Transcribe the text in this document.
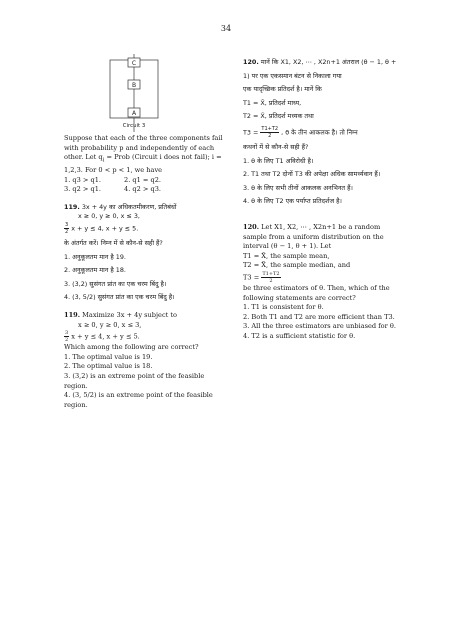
34
C
B
A
Circuit 3

Suppose that each of the three components fail with probability p and independently of each other. Let $q_i$ = Prob (Circuit i does not fail); i = 1,2,3. For 0 < p < 1, we have

1. q3 > q1.	2. q1 = q2.
3. q2 > q1.	4. q2 > q3.

119. 3x + 4y का अधिकतमीकरण, प्रतिबंधों

x ≥ 0, y ≥ 0, x ≤ 3,

$\frac{3}{2}$ x + y ≤ 4, x + y ≤ 5.

के अंतर्गत करें। निम्न में से कौन-से सही हैं?

1. अनुकूलतम मान है 19.

2. अनुकूलतम मान है 18.

3. (3,2) सुसंगत प्रांत का एक चरम बिंदु है।

4. (3, 5/2) सुसंगत प्रांत का एक चरम बिंदु है।

119. Maximize 3x + 4y subject to

x ≥ 0, y ≥ 0, x ≤ 3,

$\frac{3}{2}$ x + y ≤ 4, x + y ≤ 5.

Which among the following are correct?

1. The optimal value is 19.

2. The optimal value is 18.

3. (3,2) is an extreme point of the feasible region.

4. (3, 5/2) is an extreme point of the feasible region.

120. मानें कि X1, X2, ⋯ , X2n+1 अंतराल (θ − 1, θ +

1) पर एक एकसमान बंटन से निकाला गया

एक यादृच्छिक प्रतिदर्श है। मानें कि

T1 = X̄, प्रतिदर्श माध्य,

T2 = X̃, प्रतिदर्श मध्यक तथा

$T3 = \frac{T1+T2}{2}$ , θ के तीन आकलक है। तो निम्न

कथनों में से कौन-से सही हैं?

1. θ के लिए T1 अविरोधी है।

2. T1 तथा T2 दोनों T3 की अपेक्षा अधिक सामर्थ्यवान हैं।

3. θ के लिए सभी तीनों आकलक अनभिनत हैं।

4. θ के लिए T2 एक पर्याप्त प्रतिदर्शज है।

120. Let X1, X2, ⋯ , X2n+1 be a random sample from a uniform distribution on the interval (θ − 1, θ + 1). Let

T1 = X̄, the sample mean,

T2 = X̃, the sample median, and

$T3 = \frac{T1+T2}{2}$

be three estimators of θ. Then, which of the following statements are correct?

1. T1 is consistent for θ.

2. Both T1 and T2 are more efficient than T3.

3. All the three estimators are unbiased for θ.

4. T2 is a sufficient statistic for θ.
